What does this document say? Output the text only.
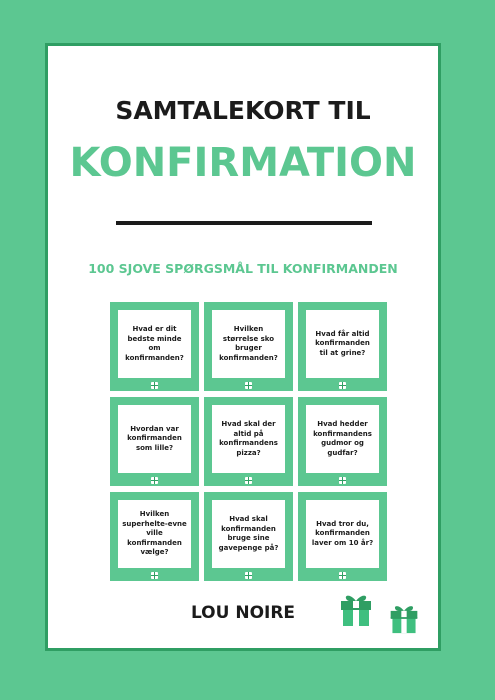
SAMTALEKORT TIL
KONFIRMATION
100 SJOVE SPØRGSMÅL TIL KONFIRMANDEN
Hvad er dit bedste minde om konfirmanden?
Hvilken størrelse sko bruger konfirmanden?
Hvad får altid konfirmanden til at grine?
Hvordan var konfirmanden som lille?
Hvad skal der altid på konfirmandens pizza?
Hvad hedder konfirmandens gudmor og gudfar?
Hvilken superhelte-evne ville konfirmanden vælge?
Hvad skal konfirmanden bruge sine gavepenge på?
Hvad tror du, konfirmanden laver om 10 år?
LOU NOIRE
